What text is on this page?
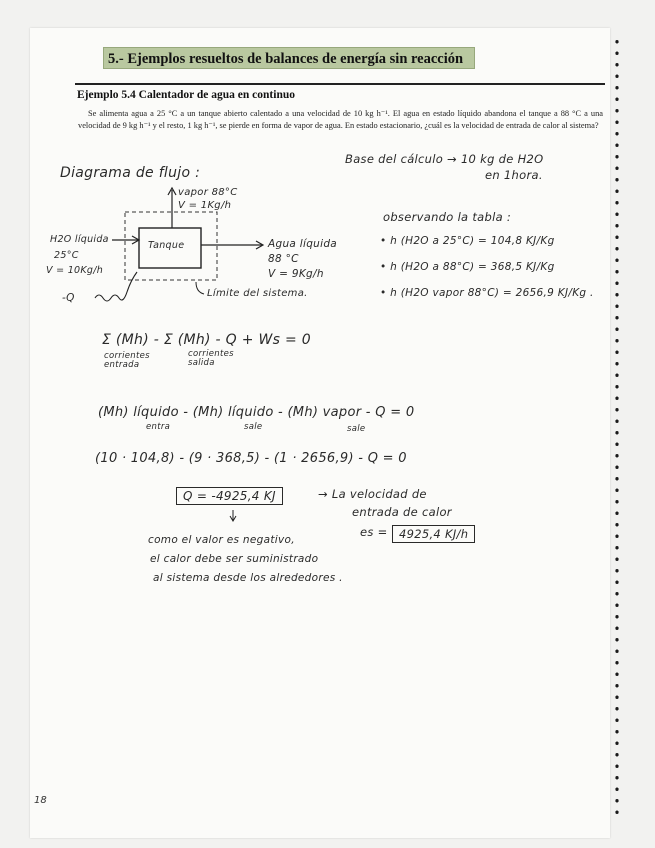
5.- Ejemplos resueltos de balances de energía sin reacción
Ejemplo 5.4 Calentador de agua en continuo
Se alimenta agua a 25 °C a un tanque abierto calentado a una velocidad de 10 kg h⁻¹. El agua en estado líquido abandona el tanque a 88 °C a una velocidad de 9 kg h⁻¹ y el resto, 1 kg h⁻¹, se pierde en forma de vapor de agua. En estado estacionario, ¿cuál es la velocidad de entrada de calor al sistema?
Diagrama de flujo :
Base del cálculo → 10 kg de H2O
en 1hora.
vapor 88°C
V = 1Kg/h
Tanque
H2O líquida
25°C
V = 10Kg/h
Agua líquida
88 °C
V = 9Kg/h
-Q	Límite del sistema.
observando la tabla :
• h (H2O a 25°C) = 104,8 KJ/Kg
• h (H2O a 88°C) = 368,5 KJ/Kg
• h (H2O vapor 88°C) = 2656,9 KJ/Kg .
Σ (Mh) - Σ (Mh) - Q + Ws = 0
corrientes
entrada
corrientes
salida
(Mh) líquido - (Mh) líquido - (Mh) vapor - Q = 0
entra	sale	sale
(10 · 104,8) - (9 · 368,5) - (1 · 2656,9) - Q = 0
Q = -4925,4 KJ	→ La velocidad de
entrada de calor
es = 4925,4 KJ/h
como el valor es negativo,
el calor debe ser suministrado
al sistema desde los alrededores .
18
